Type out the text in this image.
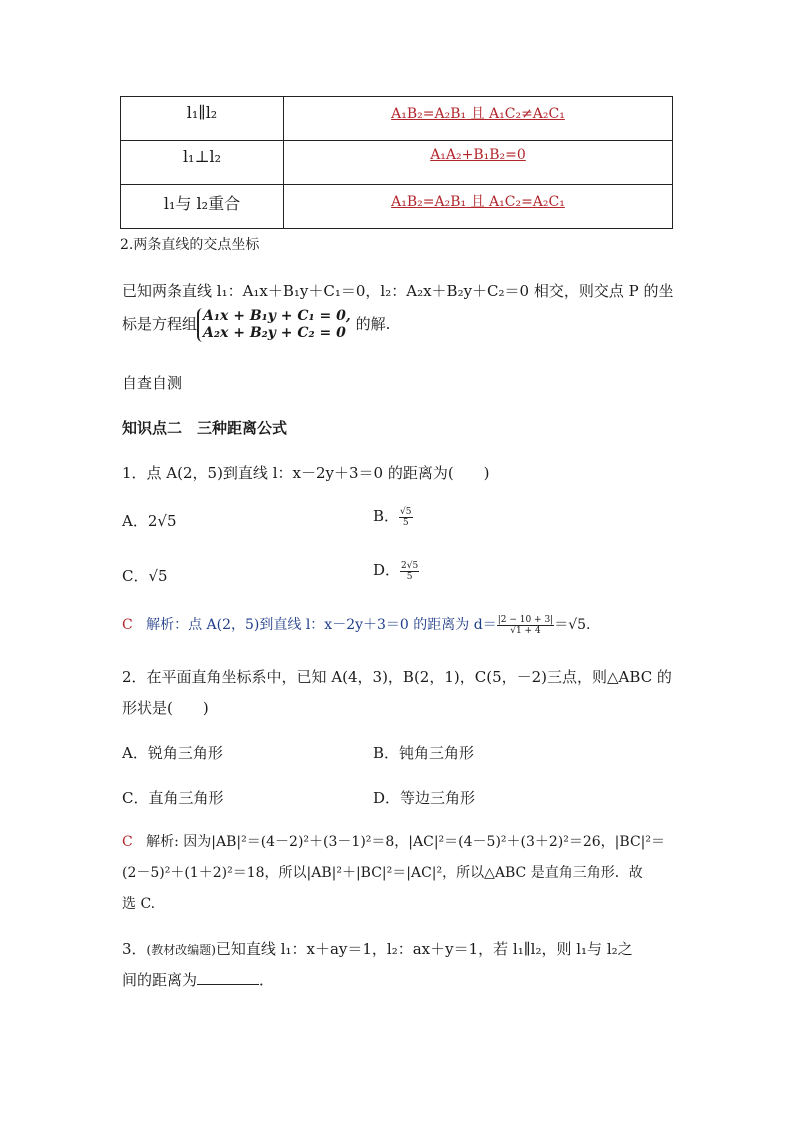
l₁∥l₂	A₁B₂=A₂B₁ 且 A₁C₂≠A₂C₁
l₁⊥l₂	A₁A₂+B₁B₂=0
l₁与 l₂重合	A₁B₂=A₂B₁ 且 A₁C₂=A₂C₁
2.两条直线的交点坐标
已知两条直线 l₁：A₁x＋B₁y＋C₁＝0，l₂：A₂x＋B₂y＋C₂＝0 相交，则交点 P 的坐
标是方程组 A₁x + B₁y + C₁ = 0,
A₂x + B₂y + C₂ = 0 的解.
自查自测
知识点二　三种距离公式
1．点 A(2，5)到直线 l：x－2y＋3＝0 的距离为(　　)
A．2√5	B． $\frac{√5}{5}$
C．√5	D． $\frac{2√5}{5}$
C 解析：点 A(2，5)到直线 l：x－2y＋3＝0 的距离为 $d= \frac{|2 - 10 + 3|}{√1 + 4} =√5$.
2．在平面直角坐标系中，已知 A(4，3)，B(2，1)，C(5，－2)三点，则△ABC 的
形状是(　　)
A．锐角三角形	B．钝角三角形
C．直角三角形	D．等边三角形
C 解析: 因为|AB|²＝(4－2)²＋(3－1)²＝8，|AC|²＝(4－5)²＋(3＋2)²＝26，|BC|²＝
(2－5)²＋(1＋2)²＝18，所以|AB|²＋|BC|²＝|AC|²，所以△ABC 是直角三角形．故
选 C.
3．(教材改编题)已知直线 l₁：x＋ay＝1，l₂：ax＋y＝1，若 l₁∥l₂，则 l₁与 l₂之
间的距离为	．
